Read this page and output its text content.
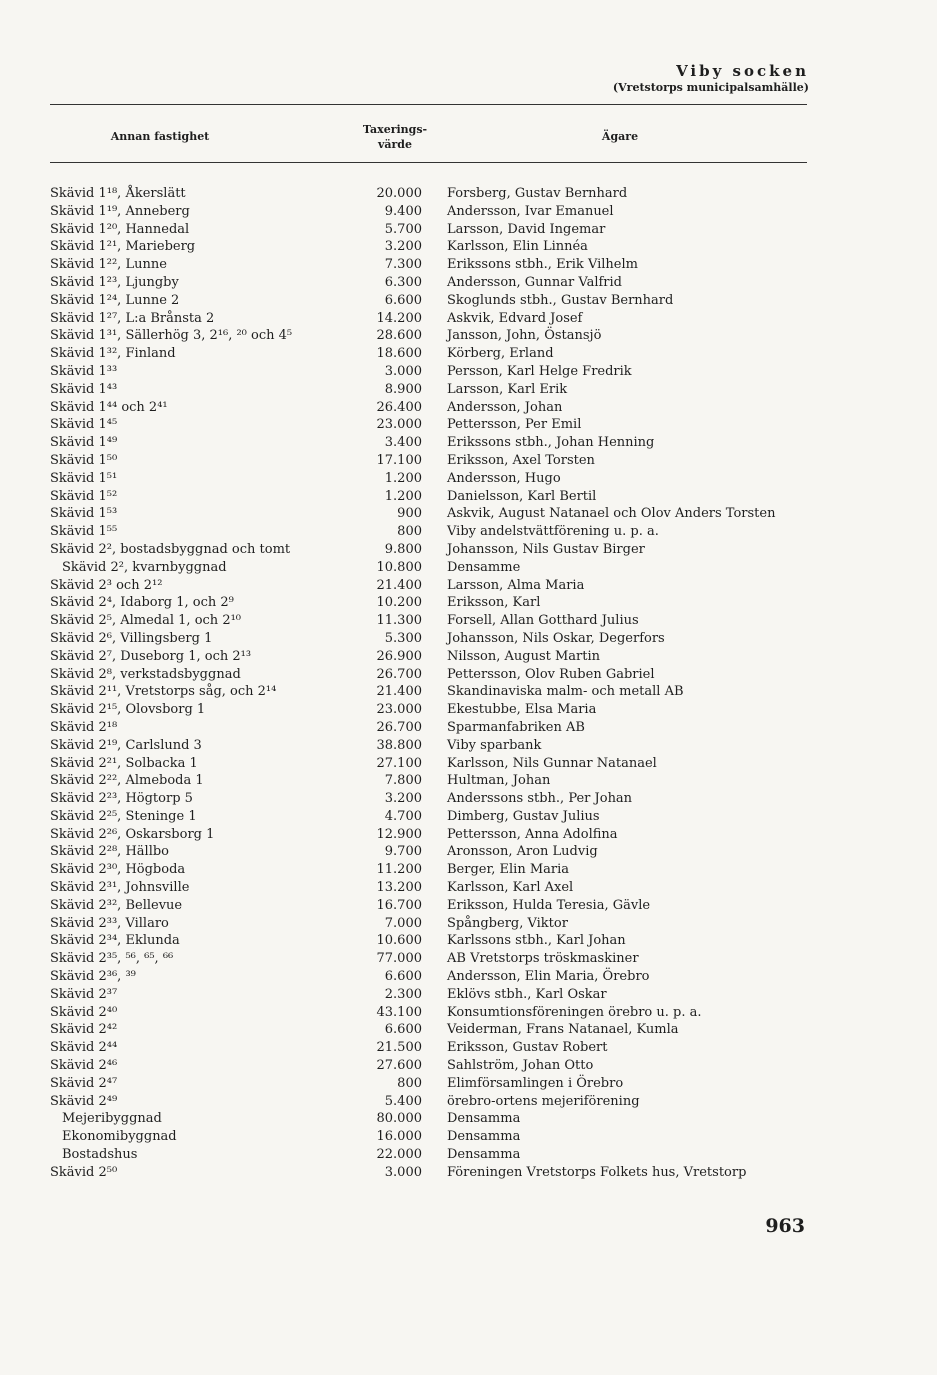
Viby socken
(Vretstorps municipalsamhälle)
Annan fastighet
Taxerings-
värde
Ägare
Skävid 1¹⁸, Åkerslätt	20.000 Forsberg, Gustav Bernhard
Skävid 1¹⁹, Anneberg	9.400 Andersson, Ivar Emanuel
Skävid 1²⁰, Hannedal	5.700 Larsson, David Ingemar
Skävid 1²¹, Marieberg	3.200 Karlsson, Elin Linnéa
Skävid 1²², Lunne	7.300 Erikssons stbh., Erik Vilhelm
Skävid 1²³, Ljungby	6.300 Andersson, Gunnar Valfrid
Skävid 1²⁴, Lunne 2	6.600 Skoglunds stbh., Gustav Bernhard
Skävid 1²⁷, L:a Brånsta 2	14.200 Askvik, Edvard Josef
Skävid 1³¹, Sällerhög 3, 2¹⁶, ²⁰ och 4⁵	28.600 Jansson, John, Östansjö
Skävid 1³², Finland	18.600 Körberg, Erland
Skävid 1³³	3.000 Persson, Karl Helge Fredrik
Skävid 1⁴³	8.900 Larsson, Karl Erik
Skävid 1⁴⁴ och 2⁴¹	26.400 Andersson, Johan
Skävid 1⁴⁵	23.000 Pettersson, Per Emil
Skävid 1⁴⁹	3.400 Erikssons stbh., Johan Henning
Skävid 1⁵⁰	17.100 Eriksson, Axel Torsten
Skävid 1⁵¹	1.200 Andersson, Hugo
Skävid 1⁵²	1.200 Danielsson, Karl Bertil
Skävid 1⁵³	900 Askvik, August Natanael och Olov Anders Torsten
Skävid 1⁵⁵	800 Viby andelstvättförening u. p. a.
Skävid 2², bostadsbyggnad och tomt	9.800 Johansson, Nils Gustav Birger
Skävid 2², kvarnbyggnad	10.800 Densamme
Skävid 2³ och 2¹²	21.400 Larsson, Alma Maria
Skävid 2⁴, Idaborg 1, och 2⁹	10.200 Eriksson, Karl
Skävid 2⁵, Almedal 1, och 2¹⁰	11.300 Forsell, Allan Gotthard Julius
Skävid 2⁶, Villingsberg 1	5.300 Johansson, Nils Oskar, Degerfors
Skävid 2⁷, Duseborg 1, och 2¹³	26.900 Nilsson, August Martin
Skävid 2⁸, verkstadsbyggnad	26.700 Pettersson, Olov Ruben Gabriel
Skävid 2¹¹, Vretstorps såg, och 2¹⁴	21.400 Skandinaviska malm- och metall AB
Skävid 2¹⁵, Olovsborg 1	23.000 Ekestubbe, Elsa Maria
Skävid 2¹⁸	26.700 Sparmanfabriken AB
Skävid 2¹⁹, Carlslund 3	38.800 Viby sparbank
Skävid 2²¹, Solbacka 1	27.100 Karlsson, Nils Gunnar Natanael
Skävid 2²², Almeboda 1	7.800 Hultman, Johan
Skävid 2²³, Högtorp 5	3.200 Anderssons stbh., Per Johan
Skävid 2²⁵, Steninge 1	4.700 Dimberg, Gustav Julius
Skävid 2²⁶, Oskarsborg 1	12.900 Pettersson, Anna Adolfina
Skävid 2²⁸, Hällbo	9.700 Aronsson, Aron Ludvig
Skävid 2³⁰, Högboda	11.200 Berger, Elin Maria
Skävid 2³¹, Johnsville	13.200 Karlsson, Karl Axel
Skävid 2³², Bellevue	16.700 Eriksson, Hulda Teresia, Gävle
Skävid 2³³, Villaro	7.000 Spångberg, Viktor
Skävid 2³⁴, Eklunda	10.600 Karlssons stbh., Karl Johan
Skävid 2³⁵, ⁵⁶, ⁶⁵, ⁶⁶	77.000 AB Vretstorps tröskmaskiner
Skävid 2³⁶, ³⁹	6.600 Andersson, Elin Maria, Örebro
Skävid 2³⁷	2.300 Eklövs stbh., Karl Oskar
Skävid 2⁴⁰	43.100 Konsumtionsföreningen örebro u. p. a.
Skävid 2⁴²	6.600 Veiderman, Frans Natanael, Kumla
Skävid 2⁴⁴	21.500 Eriksson, Gustav Robert
Skävid 2⁴⁶	27.600 Sahlström, Johan Otto
Skävid 2⁴⁷	800 Elimförsamlingen i Örebro
Skävid 2⁴⁹	5.400 örebro-ortens mejeriförening
Mejeribyggnad	80.000 Densamma
Ekonomibyggnad	16.000 Densamma
Bostadshus	22.000 Densamma
Skävid 2⁵⁰	3.000 Föreningen Vretstorps Folkets hus, Vretstorp
963
